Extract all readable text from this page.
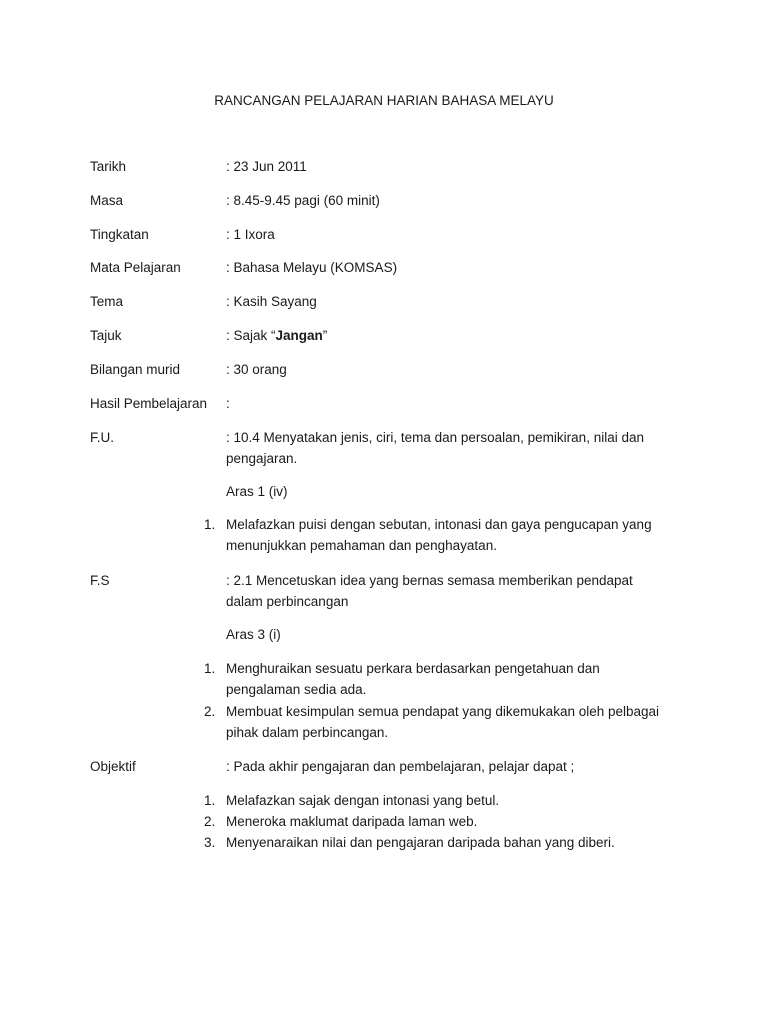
RANCANGAN PELAJARAN HARIAN BAHASA MELAYU
Tarikh	: 23 Jun 2011
Masa	: 8.45-9.45 pagi (60 minit)
Tingkatan	: 1 Ixora
Mata Pelajaran	: Bahasa Melayu (KOMSAS)
Tema	: Kasih Sayang
Tajuk	: Sajak “Jangan”
Bilangan murid	: 30 orang
Hasil Pembelajaran :
F.U.	: 10.4 Menyatakan jenis, ciri, tema dan persoalan, pemikiran, nilai dan
pengajaran.
Aras 1 (iv)
1. Melafazkan puisi dengan sebutan, intonasi dan gaya pengucapan yang
menunjukkan pemahaman dan penghayatan.
F.S	: 2.1 Mencetuskan idea yang bernas semasa memberikan pendapat
dalam perbincangan
Aras 3 (i)
1. Menghuraikan sesuatu perkara berdasarkan pengetahuan dan
pengalaman sedia ada.
2. Membuat kesimpulan semua pendapat yang dikemukakan oleh pelbagai
pihak dalam perbincangan.
Objektif	: Pada akhir pengajaran dan pembelajaran, pelajar dapat ;
1. Melafazkan sajak dengan intonasi yang betul.
2. Meneroka maklumat daripada laman web.
3. Menyenaraikan nilai dan pengajaran daripada bahan yang diberi.
